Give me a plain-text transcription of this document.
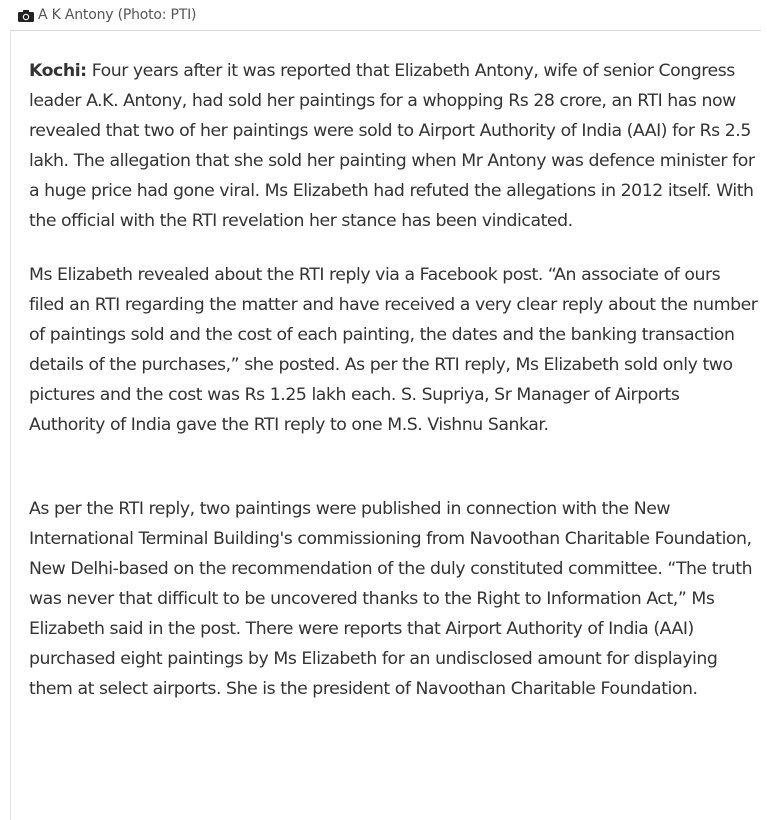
A K Antony (Photo: PTI)

Kochi: Four years after it was reported that Elizabeth Antony, wife of senior Congress leader A.K. Antony, had sold her paintings for a whopping Rs 28 crore, an RTI has now revealed that two of her paintings were sold to Airport Authority of India (AAI) for Rs 2.5 lakh. The allegation that she sold her painting when Mr Antony was defence minister for a huge price had gone viral. Ms Elizabeth had refuted the allegations in 2012 itself. With the official with the RTI revelation her stance has been vindicated.

Ms Elizabeth revealed about the RTI reply via a Facebook post. “An associate of ours filed an RTI regarding the matter and have received a very clear reply about the number of paintings sold and the cost of each painting, the dates and the banking transaction details of the purchases,” she posted. As per the RTI reply, Ms Elizabeth sold only two pictures and the cost was Rs 1.25 lakh each. S. Supriya, Sr Manager of Airports Authority of India gave the RTI reply to one M.S. Vishnu Sankar.

As per the RTI reply, two paintings were published in connection with the New International Terminal Building's commissioning from Navoothan Charitable Foundation, New Delhi-based on the recommendation of the duly constituted committee. “The truth was never that difficult to be uncovered thanks to the Right to Information Act,” Ms Elizabeth said in the post. There were reports that Airport Authority of India (AAI) purchased eight paintings by Ms Elizabeth for an undisclosed amount for displaying them at select airports. She is the president of Navoothan Charitable Foundation.
